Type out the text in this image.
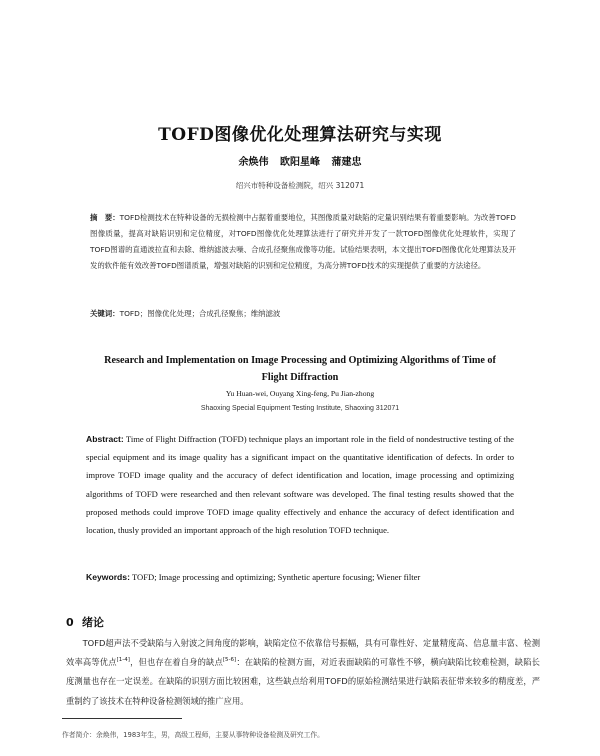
TOFD图像优化处理算法研究与实现
余焕伟 欧阳星峰 蒲建忠
绍兴市特种设备检测院，绍兴 312071
摘　要：TOFD检测技术在特种设备的无损检测中占据着重要地位，其图像质量对缺陷的定量识别结果有着重要影响。为改善TOFD图像质量，提高对缺陷识别和定位精度，对TOFD图像优化处理算法进行了研究并开发了一款TOFD图像优化处理软件，实现了TOFD图谱的直通波拉直和去除、维纳滤波去噪、合成孔径聚焦成像等功能。试验结果表明，本文提出TOFD图像优化处理算法及开发的软件能有效改善TOFD图谱质量，增强对缺陷的识别和定位精度，为高分辨TOFD技术的实现提供了重要的方法途径。
关键词：TOFD；图像优化处理；合成孔径聚焦；维纳滤波
Research and Implementation on Image Processing and Optimizing Algorithms of Time of Flight Diffraction
Yu Huan-wei, Ouyang Xing-feng, Pu Jian-zhong
Shaoxing Special Equipment Testing Institute, Shaoxing 312071
Abstract: Time of Flight Diffraction (TOFD) technique plays an important role in the field of nondestructive testing of the special equipment and its image quality has a significant impact on the quantitative identification of defects. In order to improve TOFD image quality and the accuracy of defect identification and location, image processing and optimizing algorithms of TOFD were researched and then relevant software was developed. The final testing results showed that the proposed methods could improve TOFD image quality effectively and enhance the accuracy of defect identification and location, thusly provided an important approach of the high resolution TOFD technique.
Keywords: TOFD; Image processing and optimizing; Synthetic aperture focusing; Wiener filter
0 绪论
TOFD超声法不受缺陷与入射波之间角度的影响，缺陷定位不依靠信号振幅，具有可靠性好、定量精度高、信息量丰富、检测效率高等优点[1-4]，但也存在着自身的缺点[5-6]：在缺陷的检测方面，对近表面缺陷的可靠性不够，横向缺陷比较难检测，缺陷长度测量也存在一定误差。在缺陷的识别方面比较困难，这些缺点给利用TOFD的原始检测结果进行缺陷表征带来较多的精度差，严重制约了该技术在特种设备检测领域的推广应用。
作者简介：余焕伟，1983年生，男，高级工程师，主要从事特种设备检测及研究工作。
